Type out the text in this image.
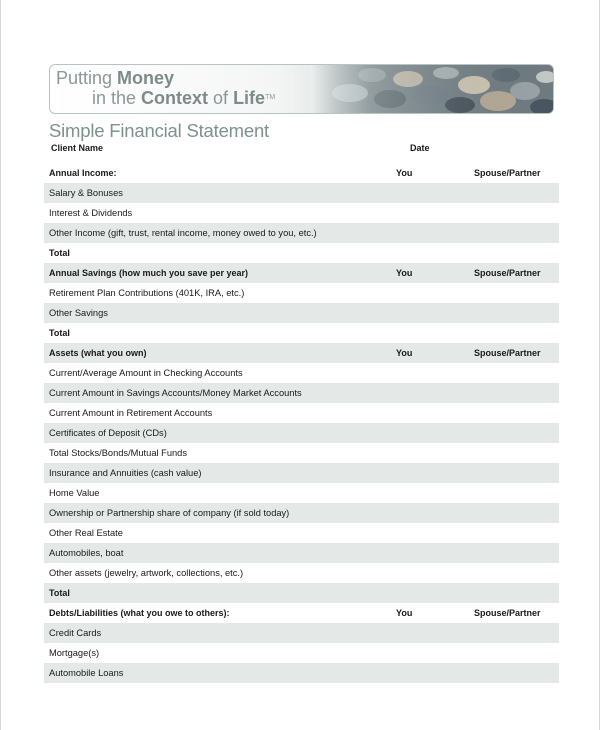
Putting Money
in the Context of Life™
Simple Financial Statement
Client Name	Date
Annual Income:	You	Spouse/Partner
Salary & Bonuses
Interest & Dividends
Other Income (gift, trust, rental income, money owed to you, etc.)
Total
Annual Savings (how much you save per year)	You	Spouse/Partner
Retirement Plan Contributions (401K, IRA, etc.)
Other Savings
Total
Assets (what you own)	You	Spouse/Partner
Current/Average Amount in Checking Accounts
Current Amount in Savings Accounts/Money Market Accounts
Current Amount in Retirement Accounts
Certificates of Deposit (CDs)
Total Stocks/Bonds/Mutual Funds
Insurance and Annuities (cash value)
Home Value
Ownership or Partnership share of company (if sold today)
Other Real Estate
Automobiles, boat
Other assets (jewelry, artwork, collections, etc.)
Total
Debts/Liabilities (what you owe to others):	You	Spouse/Partner
Credit Cards
Mortgage(s)
Automobile Loans
